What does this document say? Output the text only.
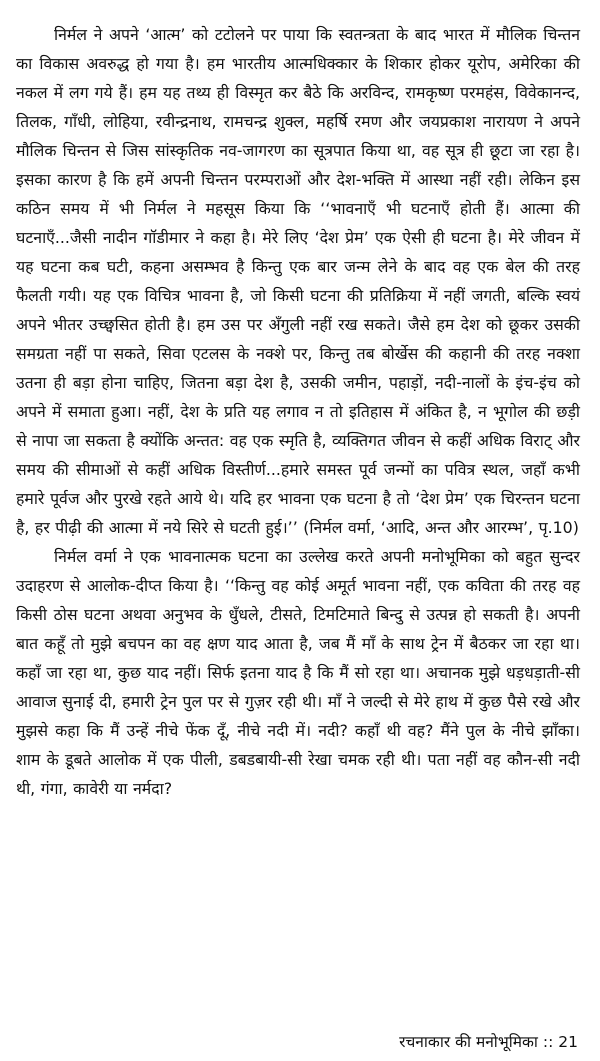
निर्मल ने अपने ‘आत्म’ को टटोलने पर पाया कि स्वतन्त्रता के बाद भारत में मौलिक चिन्तन का विकास अवरुद्ध हो गया है। हम भारतीय आत्मधिक्कार के शिकार होकर यूरोप, अमेरिका की नकल में लग गये हैं। हम यह तथ्य ही विस्मृत कर बैठे कि अरविन्द, रामकृष्ण परमहंस, विवेकानन्द, तिलक, गाँधी, लोहिया, रवीन्द्रनाथ, रामचन्द्र शुक्ल, महर्षि रमण और जयप्रकाश नारायण ने अपने मौलिक चिन्तन से जिस सांस्कृतिक नव-जागरण का सूत्रपात किया था, वह सूत्र ही छूटा जा रहा है। इसका कारण है कि हमें अपनी चिन्तन परम्पराओं और देश-भक्ति में आस्था नहीं रही। लेकिन इस कठिन समय में भी निर्मल ने महसूस किया कि ‘‘भावनाएँ भी घटनाएँ होती हैं। आत्मा की घटनाएँ...जैसी नादीन गॉडीमार ने कहा है। मेरे लिए ‘देश प्रेम’ एक ऐसी ही घटना है। मेरे जीवन में यह घटना कब घटी, कहना असम्भव है किन्तु एक बार जन्म लेने के बाद वह एक बेल की तरह फैलती गयी। यह एक विचित्र भावना है, जो किसी घटना की प्रतिक्रिया में नहीं जगती, बल्कि स्वयं अपने भीतर उच्छ्वसित होती है। हम उस पर अँगुली नहीं रख सकते। जैसे हम देश को छूकर उसकी समग्रता नहीं पा सकते, सिवा एटलस के नक्शे पर, किन्तु तब बोर्खेस की कहानी की तरह नक्शा उतना ही बड़ा होना चाहिए, जितना बड़ा देश है, उसकी जमीन, पहाड़ों, नदी-नालों के इंच-इंच को अपने में समाता हुआ। नहीं, देश के प्रति यह लगाव न तो इतिहास में अंकित है, न भूगोल की छड़ी से नापा जा सकता है क्योंकि अन्तत: वह एक स्मृति है, व्यक्तिगत जीवन से कहीं अधिक विराट् और समय की सीमाओं से कहीं अधिक विस्तीर्ण...हमारे समस्त पूर्व जन्मों का पवित्र स्थल, जहाँ कभी हमारे पूर्वज और पुरखे रहते आये थे। यदि हर भावना एक घटना है तो ‘देश प्रेम’ एक चिरन्तन घटना है, हर पीढ़ी की आत्मा में नये सिरे से घटती हुई।’’ (निर्मल वर्मा, ‘आदि, अन्त और आरम्भ’, पृ.10)

निर्मल वर्मा ने एक भावनात्मक घटना का उल्लेख करते अपनी मनोभूमिका को बहुत सुन्दर उदाहरण से आलोक-दीप्त किया है। ‘‘किन्तु वह कोई अमूर्त भावना नहीं, एक कविता की तरह वह किसी ठोस घटना अथवा अनुभव के धुँधले, टीसते, टिमटिमाते बिन्दु से उत्पन्न हो सकती है। अपनी बात कहूँ तो मुझे बचपन का वह क्षण याद आता है, जब मैं माँ के साथ ट्रेन में बैठकर जा रहा था। कहाँ जा रहा था, कुछ याद नहीं। सिर्फ इतना याद है कि मैं सो रहा था। अचानक मुझे धड़धड़ाती-सी आवाज सुनाई दी, हमारी ट्रेन पुल पर से गुज़र रही थी। माँ ने जल्दी से मेरे हाथ में कुछ पैसे रखे और मुझसे कहा कि मैं उन्हें नीचे फेंक दूँ, नीचे नदी में। नदी? कहाँ थी वह? मैंने पुल के नीचे झाँका। शाम के डूबते आलोक में एक पीली, डबडबायी-सी रेखा चमक रही थी। पता नहीं वह कौन-सी नदी थी, गंगा, कावेरी या नर्मदा?

रचनाकार की मनोभूमिका :: 21
